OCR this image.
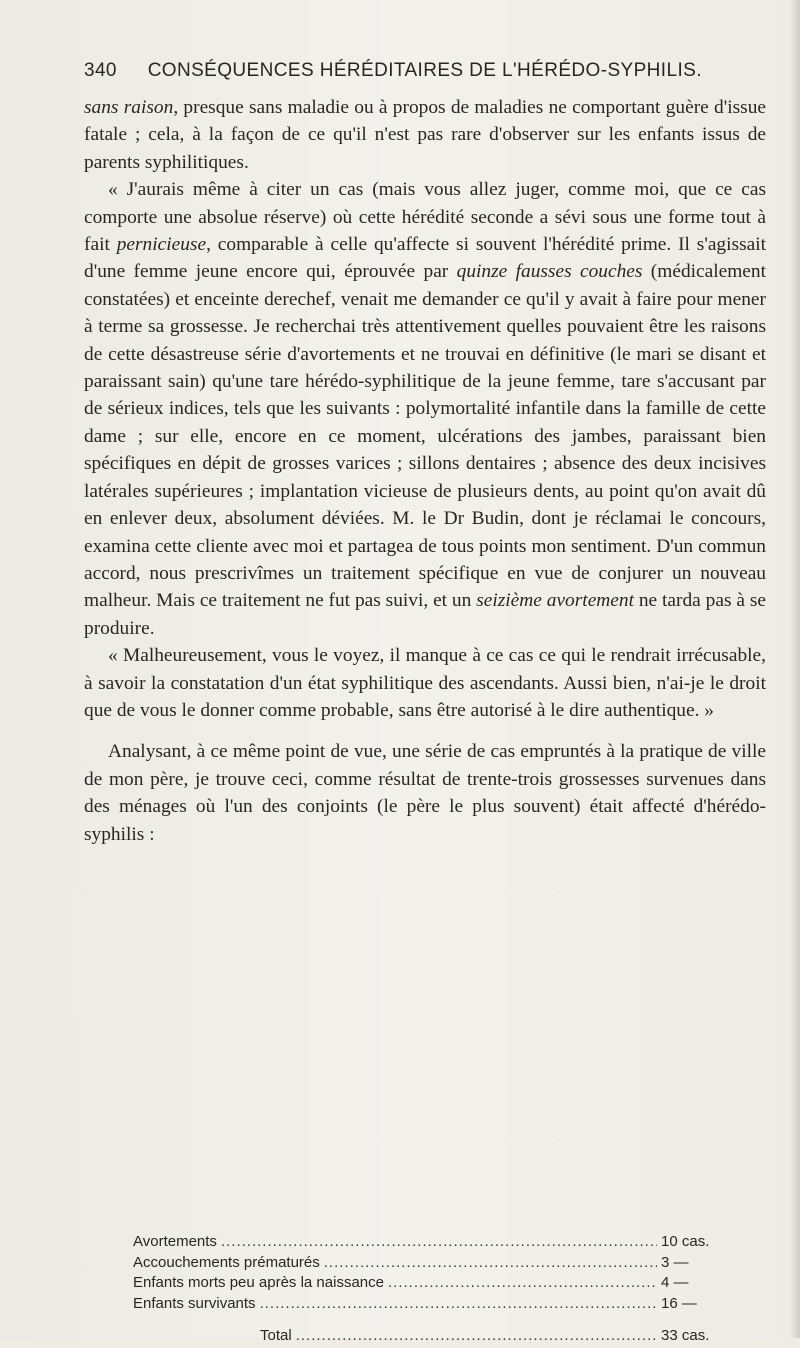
340 CONSÉQUENCES HÉRÉDITAIRES DE L'HÉRÉDO-SYPHILIS.

sans raison, presque sans maladie ou à propos de maladies ne comportant guère d'issue fatale ; cela, à la façon de ce qu'il n'est pas rare d'observer sur les enfants issus de parents syphilitiques.

« J'aurais même à citer un cas (mais vous allez juger, comme moi, que ce cas comporte une absolue réserve) où cette hérédité seconde a sévi sous une forme tout à fait pernicieuse, comparable à celle qu'affecte si souvent l'hérédité prime. Il s'agissait d'une femme jeune encore qui, éprouvée par quinze fausses couches (médicalement constatées) et enceinte derechef, venait me demander ce qu'il y avait à faire pour mener à terme sa grossesse. Je recherchai très attentivement quelles pouvaient être les raisons de cette désastreuse série d'avortements et ne trouvai en définitive (le mari se disant et paraissant sain) qu'une tare hérédo-syphilitique de la jeune femme, tare s'accusant par de sérieux indices, tels que les suivants : polymortalité infantile dans la famille de cette dame ; sur elle, encore en ce moment, ulcérations des jambes, paraissant bien spécifiques en dépit de grosses varices ; sillons dentaires ; absence des deux incisives latérales supérieures ; implantation vicieuse de plusieurs dents, au point qu'on avait dû en enlever deux, absolument déviées. M. le Dr Budin, dont je réclamai le concours, examina cette cliente avec moi et partagea de tous points mon sentiment. D'un commun accord, nous prescrivîmes un traitement spécifique en vue de conjurer un nouveau malheur. Mais ce traitement ne fut pas suivi, et un seizième avortement ne tarda pas à se produire.

« Malheureusement, vous le voyez, il manque à ce cas ce qui le rendrait irrécusable, à savoir la constatation d'un état syphilitique des ascendants. Aussi bien, n'ai-je le droit que de vous le donner comme probable, sans être autorisé à le dire authentique. »

Analysant, à ce même point de vue, une série de cas empruntés à la pratique de ville de mon père, je trouve ceci, comme résultat de trente-trois grossesses survenues dans des ménages où l'un des conjoints (le père le plus souvent) était affecté d'hérédo-syphilis :

Avortements .....	10 cas.
Accouchements prématurés .....	3 —
Enfants morts peu après la naissance .....	4 —
Enfants survivants .....	16 —
Total .....	33 cas.
